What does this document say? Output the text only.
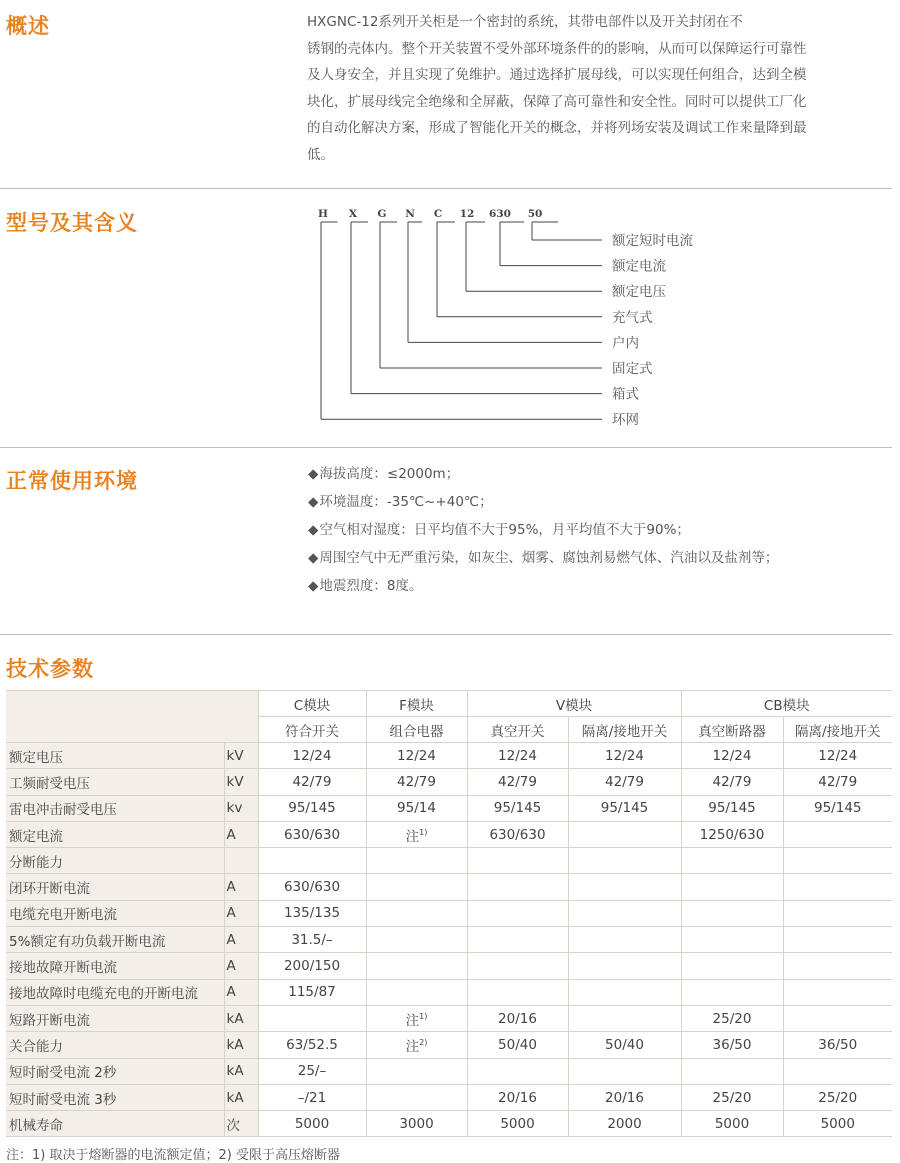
概述	HXGNC-12系列开关柜是一个密封的系统，其带电部件以及开关封闭在不
锈钢的壳体内。整个开关装置不受外部环境条件的的影响，从而可以保障运行可靠性
及人身安全，并且实现了免维护。通过选择扩展母线，可以实现任何组合，达到全模
块化，扩展母线完全绝缘和全屏蔽，保障了高可靠性和安全性。同时可以提供工厂化
的自动化解决方案，形成了智能化开关的概念，并将列场安装及调试工作来量降到最
低。
型号及其含义	H X G N C 12 630 50
额定短时电流
额定电流
额定电压
充气式
户内
固定式
箱式
环网
正常使用环境	◆ 海拔高度：≤2000m；
◆ 环境温度：-35℃~+40℃；
◆ 空气相对湿度：日平均值不大于95%，月平均值不大于90%；
◆ 周围空气中无严重污染，如灰尘、烟雾、腐蚀剂易燃气体、汽油以及盐剂等；
◆ 地震烈度：8度。
技术参数
		C模块	F模块	V模块		CB模块	
		符合开关	组合电器	真空开关	隔离/接地开关	真空断路器	隔离/接地开关
额定电压	kV	12/24	12/24	12/24	12/24	12/24	12/24
工频耐受电压	kV	42/79	42/79	42/79	42/79	42/79	42/79
雷电冲击耐受电压	kv	95/145	95/14	95/145	95/145	95/145	95/145
额定电流	A	630/630	注$^{1)}$	630/630		1250/630	
分断能力							
闭环开断电流	A	630/630					
电缆充电开断电流	A	135/135					
5%额定有功负载开断电流	A	31.5/–					
接地故障开断电流	A	200/150					
接地故障时电缆充电的开断电流	A	115/87					
短路开断电流	kA		注$^{1)}$	20/16		25/20	
关合能力	kA	63/52.5	注$^{2)}$	50/40	50/40	36/50	36/50
短时耐受电流 2秒	kA	25/–					
短时耐受电流 3秒	kA	–/21		20/16	20/16	25/20	25/20
机械寿命	次	5000	3000	5000	2000	5000	5000

注：1) 取决于熔断器的电流额定值；2) 受限于高压熔断器
